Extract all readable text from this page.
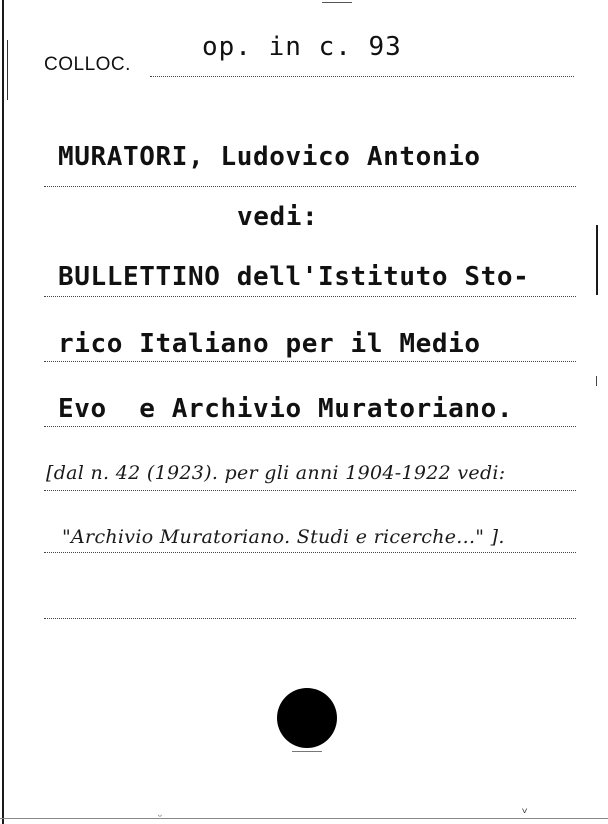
COLLOC.
op. in c. 93
MURATORI, Ludovico Antonio
vedi:
BULLETTINO dell'Istituto Sto-
rico Italiano per il Medio
Evo  e Archivio Muratoriano.
[dal n. 42 (1923). per gli anni 1904-1922 vedi:
"Archivio Muratoriano. Studi e ricerche..." ].
ᵕ	ⱽ
